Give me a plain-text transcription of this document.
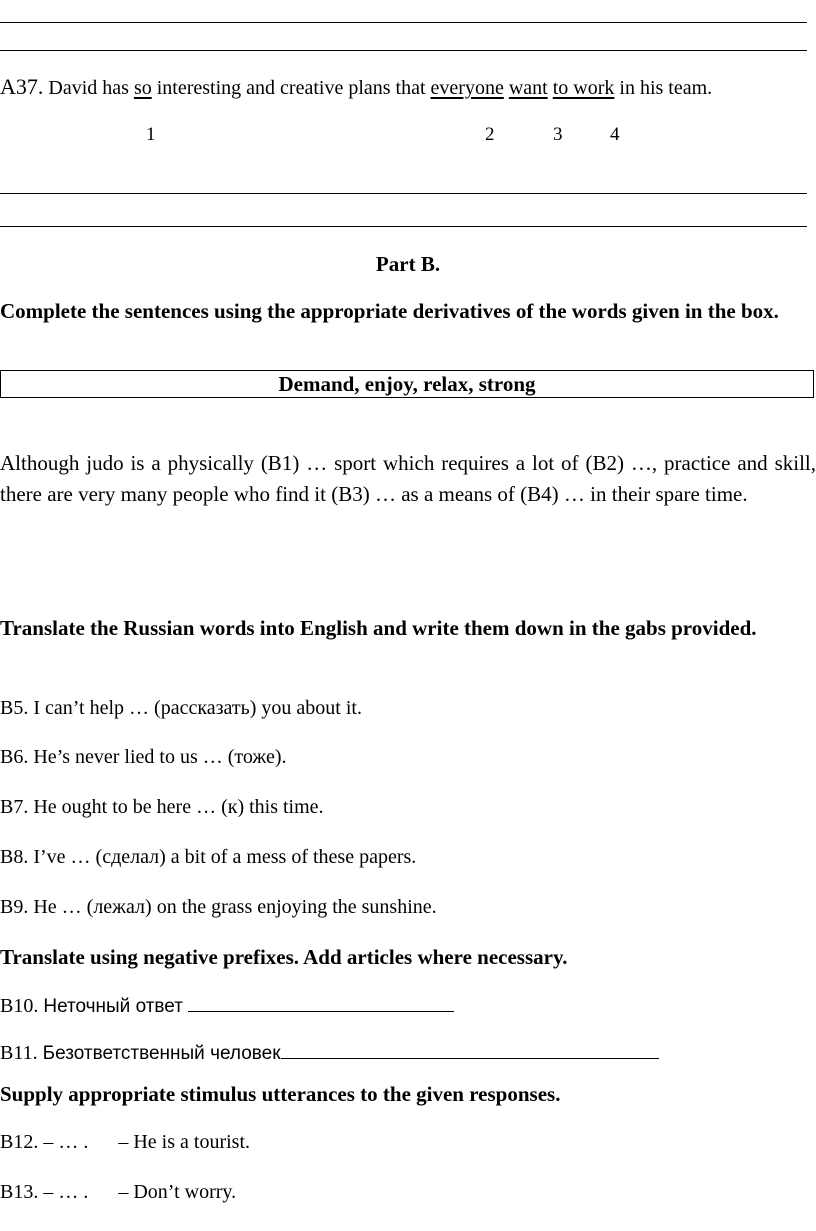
A37. David has so interesting and creative plans that everyone want to work in his team.
1	2	3	4
Part B.
Complete the sentences using the appropriate derivatives of the words given in the box.
Demand, enjoy, relax, strong
Although judo is a physically (B1) … sport which requires a lot of (B2) …, practice and skill, there are very many people who find it (B3) … as a means of (B4) … in their spare time.
Translate the Russian words into English and write them down in the gabs provided.
B5. I can’t help … (рассказать) you about it.
B6. He’s never lied to us … (тоже).
B7. He ought to be here … (к) this time.
B8. I’ve … (сделал) a bit of a mess of these papers.
B9. He … (лежал) on the grass enjoying the sunshine.
Translate using negative prefixes. Add articles where necessary.
B10. Неточный ответ
B11. Безответственный человек
Supply appropriate stimulus utterances to the given responses.
B12. – … . – He is a tourist.
B13. – … . – Don’t worry.
